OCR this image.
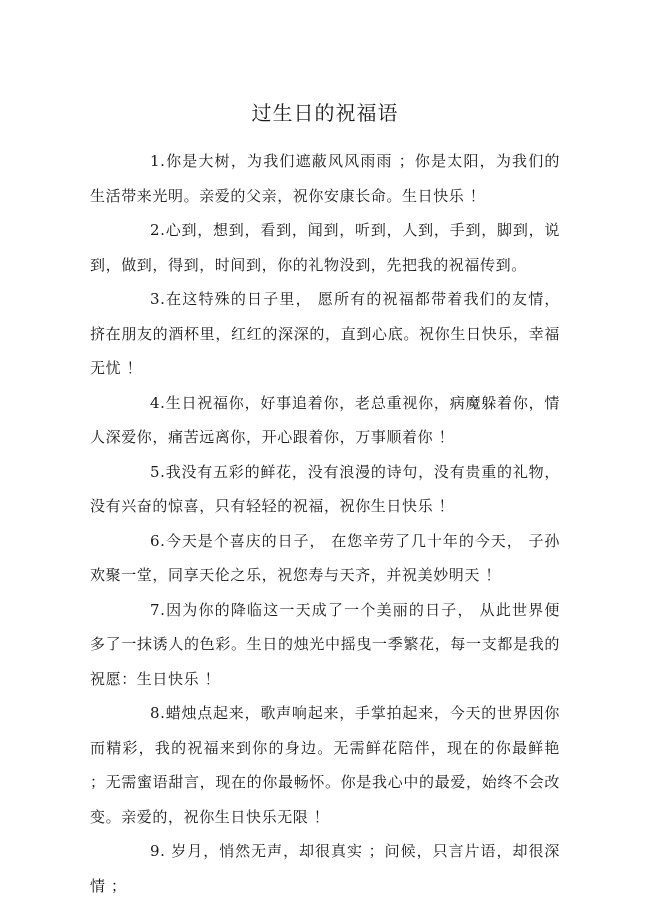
过生日的祝福语

1.你是大树，为我们遮蔽风风雨雨 ；你是太阳，为我们的生活带来光明。亲爱的父亲，祝你安康长命。生日快乐 ！

2.心到，想到，看到，闻到，听到，人到，手到，脚到，说到，做到，得到，时间到，你的礼物没到，先把我的祝福传到。

3.在这特殊的日子里， 愿所有的祝福都带着我们的友情， 挤在朋友的酒杯里，红红的深深的，直到心底。祝你生日快乐，幸福无忧 ！

4.生日祝福你，好事追着你，老总重视你，病魔躲着你，情人深爱你，痛苦远离你，开心跟着你，万事顺着你 ！

5.我没有五彩的鲜花，没有浪漫的诗句，没有贵重的礼物，没有兴奋的惊喜，只有轻轻的祝福，祝你生日快乐 ！

6.今天是个喜庆的日子， 在您辛劳了几十年的今天， 子孙欢聚一堂，同享天伦之乐，祝您寿与天齐，并祝美妙明天 ！

7.因为你的降临这一天成了一个美丽的日子， 从此世界便多了一抹诱人的色彩。生日的烛光中摇曳一季繁花，每一支都是我的祝愿：生日快乐 ！

8.蜡烛点起来，歌声响起来，手掌拍起来，今天的世界因你而精彩，我的祝福来到你的身边。无需鲜花陪伴，现在的你最鲜艳 ；无需蜜语甜言，现在的你最畅怀。你是我心中的最爱，始终不会改变。亲爱的，祝你生日快乐无限 ！

9. 岁月，悄然无声，却很真实 ；问候，只言片语，却很深情 ；
